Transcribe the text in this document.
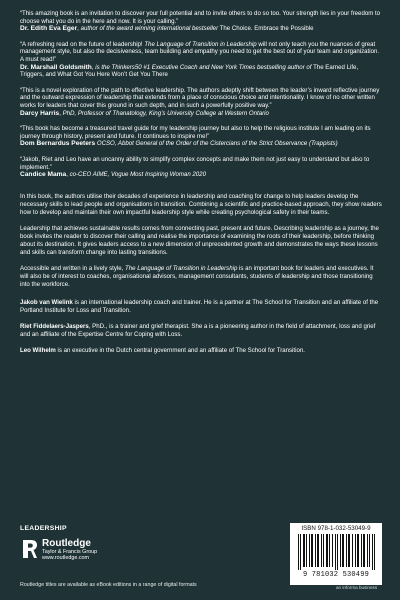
“This amazing book is an invitation to discover your full potential and to invite others to do so too. Your strength lies in your freedom to choose what you do in the here and now. It is your calling.”
Dr. Edith Eva Eger, author of the award winning international bestseller The Choice. Embrace the Possible
“A refreshing read on the future of leadership! The Language of Transition in Leadership will not only teach you the nuances of great management style, but also the decisiveness, team building and empathy you need to get the best out of your team and organization. A must read!”
Dr. Marshall Goldsmith, is the Thinkers50 #1 Executive Coach and New York Times bestselling author of The Earned Life, Triggers, and What Got You Here Won’t Get You There
“This is a novel exploration of the path to effective leadership. The authors adeptly shift between the leader’s inward reflective journey and the outward expression of leadership that extends from a place of conscious choice and intentionality. I know of no other written works for leaders that cover this ground in such depth, and in such a powerfully positive way.”
Darcy Harris, PhD, Professor of Thanatology, King’s University College at Western Ontario
“This book has become a treasured travel guide for my leadership journey but also to help the religious institute I am leading on its journey through history, present and future. It continues to inspire me!”
Dom Bernardus Peeters OCSO, Abbot General of the Order of the Cistercians of the Strict Observance (Trappists)
“Jakob, Riet and Leo have an uncanny ability to simplify complex concepts and make them not just easy to understand but also to implement.”
Candice Mama, co-CEO AIME, Vogue Most Inspiring Woman 2020

In this book, the authors utilise their decades of experience in leadership and coaching for change to help leaders develop the necessary skills to lead people and organisations in transition. Combining a scientific and practice-based approach, they show readers how to develop and maintain their own impactful leadership style while creating psychological safety in their teams.

Leadership that achieves sustainable results comes from connecting past, present and future. Describing leadership as a journey, the book invites the reader to discover their calling and realise the importance of examining the roots of their leadership, before thinking about its destination. It gives leaders access to a new dimension of unprecedented growth and demonstrates the ways these lessons and skills can transform change into lasting transitions.

Accessible and written in a lively style, The Language of Transition in Leadership is an important book for leaders and executives. It will also be of interest to coaches, organisational advisors, management consultants, students of leadership and those transitioning into the workforce.

Jakob van Wielink is an international leadership coach and trainer. He is a partner at The School for Transition and an affiliate of the Portland Institute for Loss and Transition.

Riet Fiddelaers-Jaspers, PhD., is a trainer and grief therapist. She a is a pioneering author in the field of attachment, loss and grief and an affiliate of the Expertise Centre for Coping with Loss.

Leo Wilhelm is an executive in the Dutch central government and an affiliate of The School for Transition.

LEADERSHIP
Routledge
Taylor & Francis Group
www.routledge.com
Routledge titles are available as eBook editions in a range of digital formats
ISBN 978-1-032-53049-9
9 781032 530499
an informa business
